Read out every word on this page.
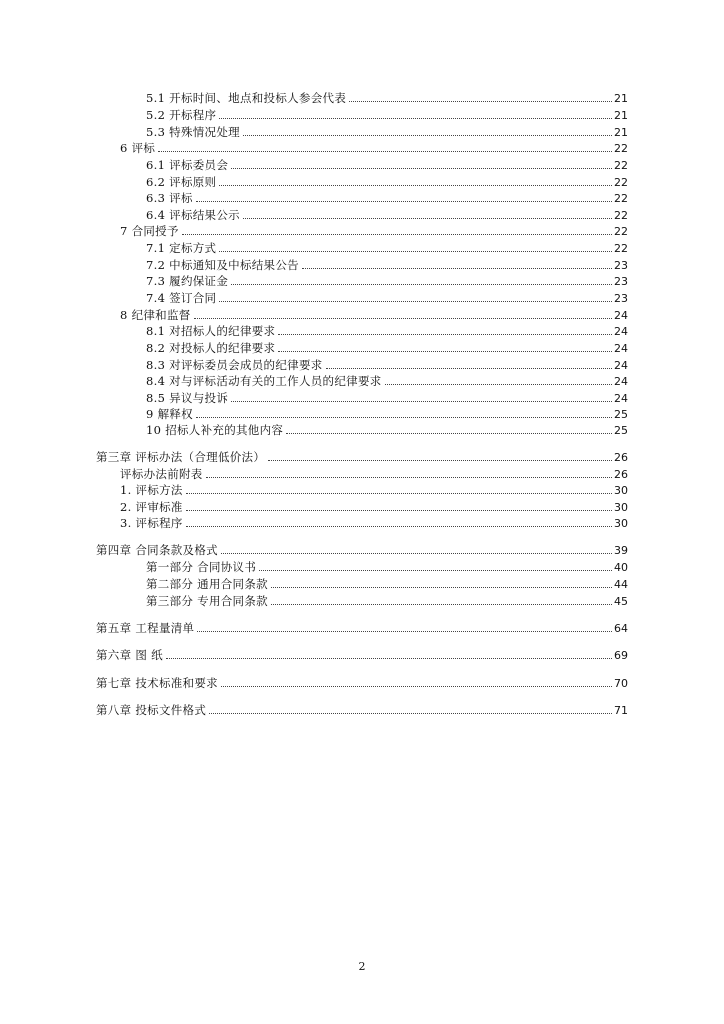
5.1 开标时间、地点和投标人参会代表	21
5.2 开标程序	21
5.3 特殊情况处理	21
6 评标	22
6.1 评标委员会	22
6.2 评标原则	22
6.3 评标	22
6.4 评标结果公示	22
7 合同授予	22
7.1 定标方式	22
7.2 中标通知及中标结果公告	23
7.3 履约保证金	23
7.4 签订合同	23
8 纪律和监督	24
8.1 对招标人的纪律要求	24
8.2 对投标人的纪律要求	24
8.3 对评标委员会成员的纪律要求	24
8.4 对与评标活动有关的工作人员的纪律要求	24
8.5 异议与投诉	24
9 解释权	25
10 招标人补充的其他内容	25
第三章 评标办法（合理低价法）	26
评标办法前附表	26
1. 评标方法	30
2. 评审标准	30
3. 评标程序	30
第四章 合同条款及格式	39
第一部分 合同协议书	40
第二部分 通用合同条款	44
第三部分 专用合同条款	45
第五章 工程量清单	64
第六章 图 纸	69
第七章 技术标准和要求	70
第八章 投标文件格式	71
2
